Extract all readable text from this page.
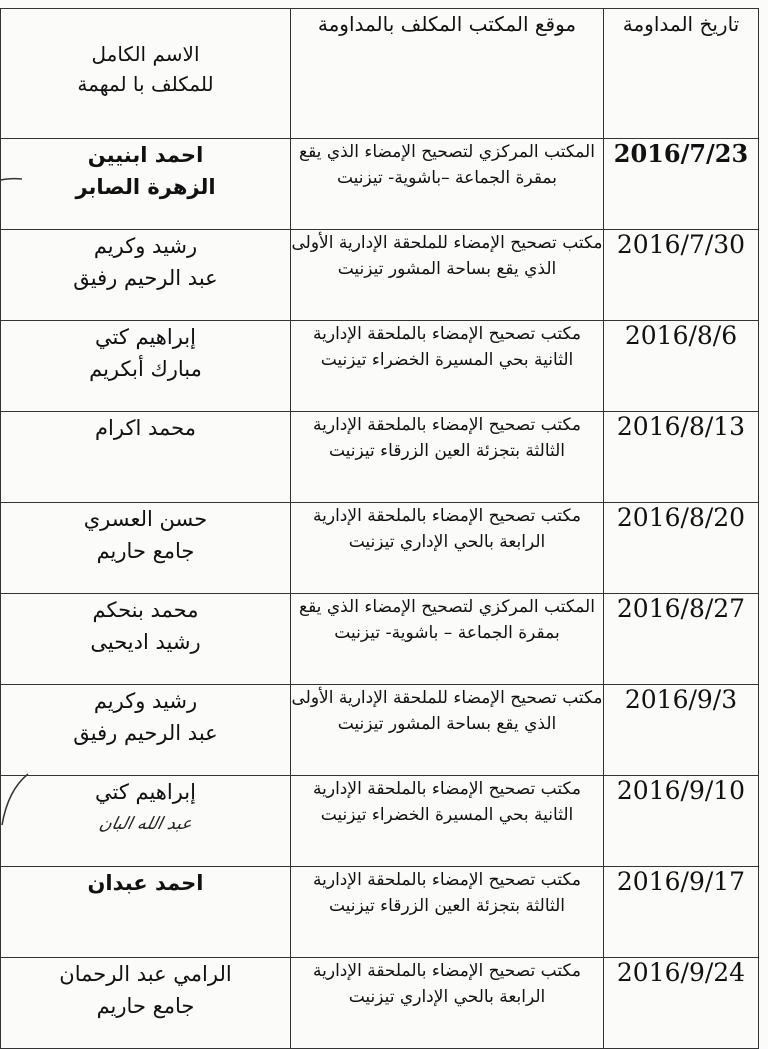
تاريخ المداومة	موقع المكتب المكلف بالمداومة	الاسم الكامل
للمكلف با لمهمة

2016/7/23	المكتب المركزي لتصحيح الإمضاء الذي يقع بمقرة الجماعة –باشوية- تيزنيت	احمد ابنيين
الزهرة الصابر

2016/7/30	مكتب تصحيح الإمضاء للملحقة الإدارية الأولى الذي يقع بساحة المشور تيزنيت	رشيد وكريم
عبد الرحيم رفيق

2016/8/6	مكتب تصحيح الإمضاء بالملحقة الإدارية الثانية بحي المسيرة الخضراء تيزنيت	إبراهيم كتي
مبارك أبكريم

2016/8/13	مكتب تصحيح الإمضاء بالملحقة الإدارية الثالثة بتجزئة العين الزرقاء تيزنيت	محمد اكرام

2016/8/20	مكتب تصحيح الإمضاء بالملحقة الإدارية الرابعة بالحي الإداري تيزنيت	حسن العسري
جامع حاريم

2016/8/27	المكتب المركزي لتصحيح الإمضاء الذي يقع بمقرة الجماعة – باشوية- تيزنيت	محمد بنحكم
رشيد اديحيى

2016/9/3	مكتب تصحيح الإمضاء للملحقة الإدارية الأولى الذي يقع بساحة المشور تيزنيت	رشيد وكريم
عبد الرحيم رفيق

2016/9/10	مكتب تصحيح الإمضاء بالملحقة الإدارية الثانية بحي المسيرة الخضراء تيزنيت	إبراهيم كتي
عبد الله البان

2016/9/17	مكتب تصحيح الإمضاء بالملحقة الإدارية الثالثة بتجزئة العين الزرقاء تيزنيت	احمد عبدان

2016/9/24	مكتب تصحيح الإمضاء بالملحقة الإدارية الرابعة بالحي الإداري تيزنيت	الرامي عبد الرحمان
جامع حاريم
